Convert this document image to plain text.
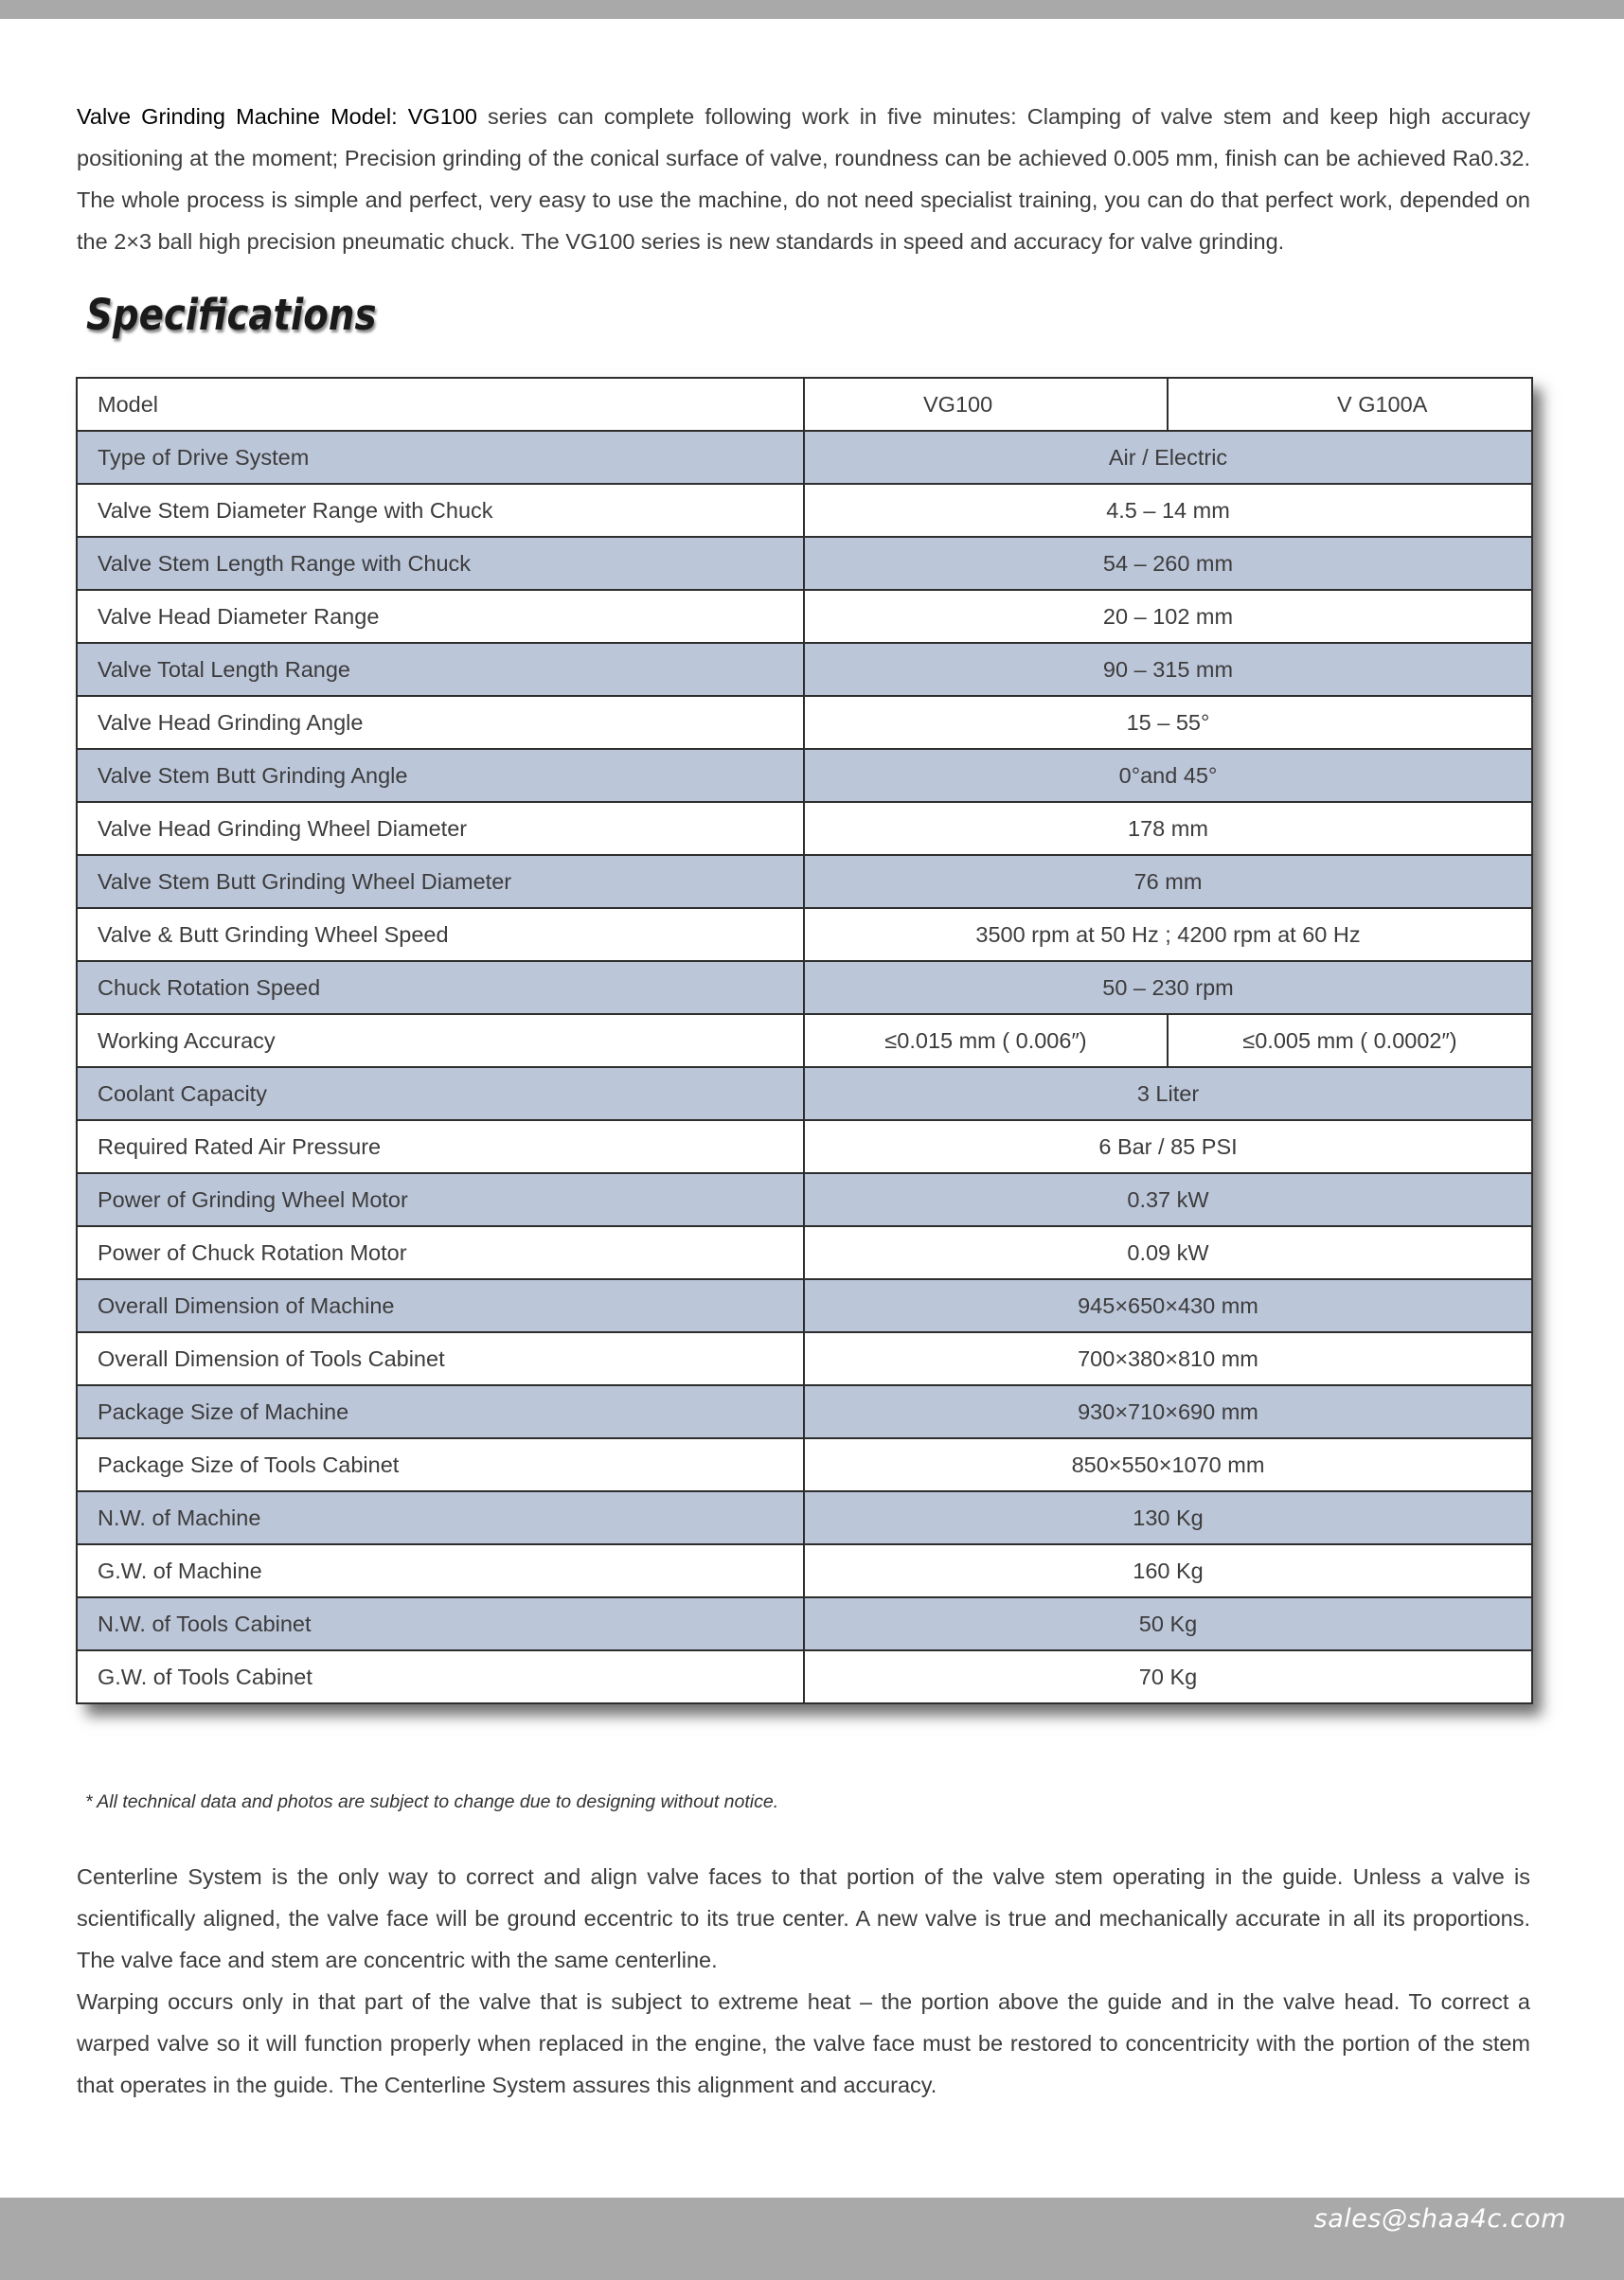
Valve Grinding Machine Model: VG100 series can complete following work in five minutes: Clamping of valve stem and keep high accuracy positioning at the moment; Precision grinding of the conical surface of valve, roundness can be achieved 0.005 mm, finish can be achieved Ra0.32. The whole process is simple and perfect, very easy to use the machine, do not need specialist training, you can do that perfect work, depended on the 2×3 ball high precision pneumatic chuck. The VG100 series is new standards in speed and accuracy for valve grinding.

Specifications
Model	VG100	V G100A
Type of Drive System	Air / Electric	
Valve Stem Diameter Range with Chuck	4.5 – 14 mm	
Valve Stem Length Range with Chuck	54 – 260 mm	
Valve Head Diameter Range	20 – 102 mm	
Valve Total Length Range	90 – 315 mm	
Valve Head Grinding Angle	15 – 55°	
Valve Stem Butt Grinding Angle	0°and 45°	
Valve Head Grinding Wheel Diameter	178 mm	
Valve Stem Butt Grinding Wheel Diameter	76 mm	
Valve & Butt Grinding Wheel Speed	3500 rpm at 50 Hz ; 4200 rpm at 60 Hz	
Chuck Rotation Speed	50 – 230 rpm	
Working Accuracy	≤0.015 mm ( 0.006″)	≤0.005 mm ( 0.0002″)
Coolant Capacity	3 Liter	
Required Rated Air Pressure	6 Bar / 85 PSI	
Power of Grinding Wheel Motor	0.37 kW	
Power of Chuck Rotation Motor	0.09 kW	
Overall Dimension of Machine	945×650×430 mm	
Overall Dimension of Tools Cabinet	700×380×810 mm	
Package Size of Machine	930×710×690 mm	
Package Size of Tools Cabinet	850×550×1070 mm	
N.W. of Machine	130 Kg	
G.W. of Machine	160 Kg	
N.W. of Tools Cabinet	50 Kg	
G.W. of Tools Cabinet	70 Kg	

* All technical data and photos are subject to change due to designing without notice.

Centerline System is the only way to correct and align valve faces to that portion of the valve stem operating in the guide. Unless a valve is scientifically aligned, the valve face will be ground eccentric to its true center. A new valve is true and mechanically accurate in all its proportions. The valve face and stem are concentric with the same centerline.

Warping occurs only in that part of the valve that is subject to extreme heat – the portion above the guide and in the valve head. To correct a warped valve so it will function properly when replaced in the engine, the valve face must be restored to concentricity with the portion of the stem that operates in the guide. The Centerline System assures this alignment and accuracy.

sales@shaa4c.com
